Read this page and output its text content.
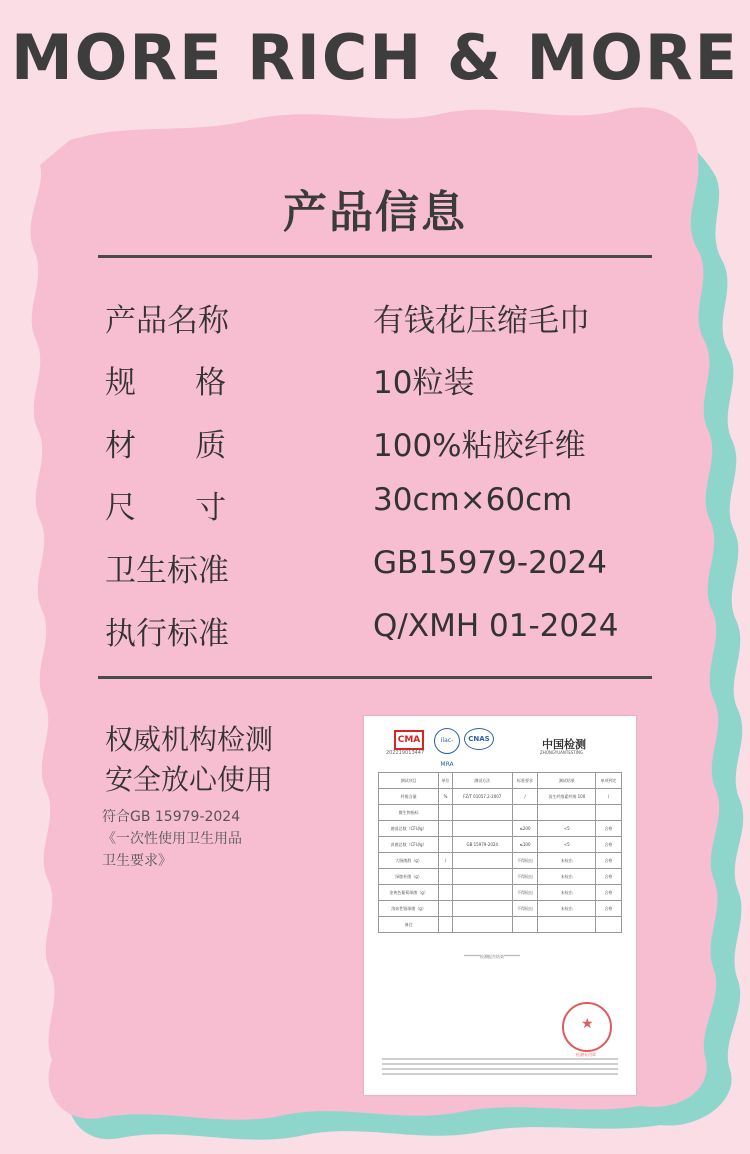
MORE RICH & MORE
产品信息
产品名称	有钱花压缩毛巾
规      格	10粒装
材      质	100%粘胶纤维
尺      寸	30cm×60cm
卫生标准	GB15979-2024
执行标准	Q/XMH 01-2024
权威机构检测
安全放心使用
符合GB 15979-2024
《一次性使用卫生用品
卫生要求》
CMA
202219013447
ilac-MRA
CNAS	中国检测
ZHONGYUANTESTING
测试项目	单位	测试方法	标准要求	测试结果	单项判定
纤维含量	%	FZ/T 01057.2-2007	/	再生纤维素纤维 100	/
微生物指标					
菌落总数（CFU/g）			≤200	<5	合格
真菌总数（CFU/g）		GB 15979-2024	≤100	<5	合格
大肠菌群（g）	/		不得检出	未检出	合格
绿脓杆菌（g）			不得检出	未检出	合格
金黄色葡萄球菌（g）			不得检出	未检出	合格
溶血性链球菌（g）			不得检出	未检出	合格
备注					
********检测报告结束********
★
检测专用章
